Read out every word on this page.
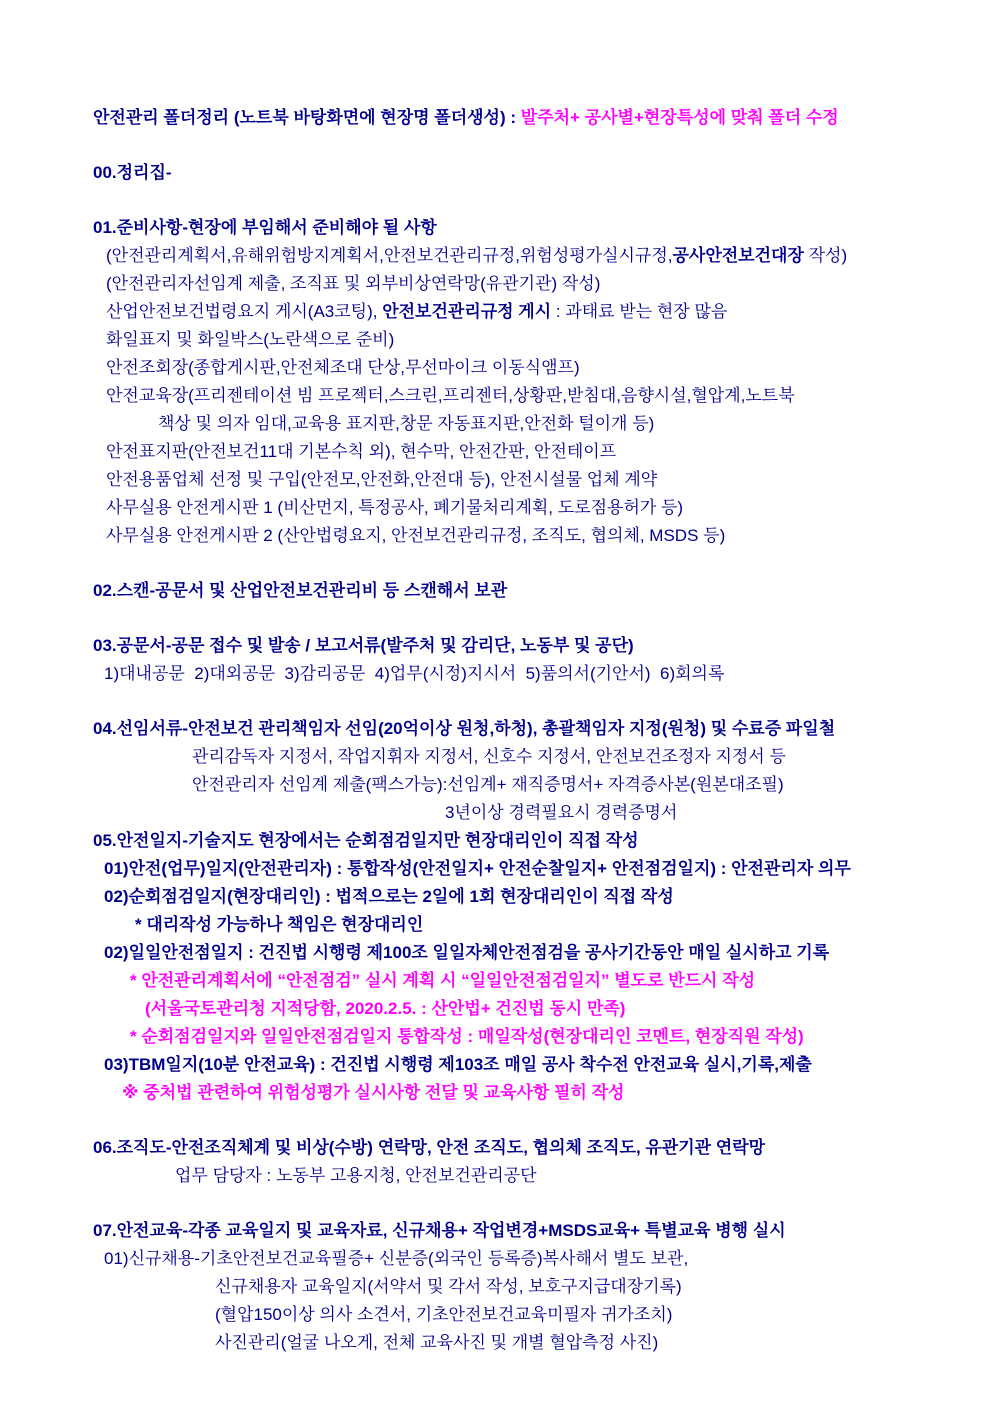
안전관리 폴더정리 (노트북 바탕화면에 현장명 폴더생성) : 발주처+ 공사별+현장특성에 맞춰 폴더 수정
00.정리집-
01.준비사항-현장에 부임해서 준비해야 될 사항
(안전관리계획서,유해위험방지계획서,안전보건관리규정,위험성평가실시규정,공사안전보건대장 작성)
(안전관리자선임계 제출, 조직표 및 외부비상연락망(유관기관) 작성)
산업안전보건법령요지 게시(A3코팅), 안전보건관리규정 게시 : 과태료 받는 현장 많음
화일표지 및 화일박스(노란색으로 준비)
안전조회장(종합게시판,안전체조대 단상,무선마이크 이동식앰프)
안전교육장(프리젠테이션 빔 프로젝터,스크린,프리젠터,상황판,받침대,음향시설,혈압계,노트북
책상 및 의자 임대,교육용 표지판,창문 자동표지판,안전화 털이개 등)
안전표지판(안전보건11대 기본수칙 외), 현수막, 안전간판, 안전테이프
안전용품업체 선정 및 구입(안전모,안전화,안전대 등), 안전시설물 업체 계약
사무실용 안전게시판 1 (비산먼지, 특정공사, 폐기물처리계획, 도로점용허가 등)
사무실용 안전게시판 2 (산안법령요지, 안전보건관리규정, 조직도, 협의체, MSDS 등)
02.스캔-공문서 및 산업안전보건관리비 등 스캔해서 보관
03.공문서-공문 접수 및 발송 / 보고서류(발주처 및 감리단, 노동부 및 공단)
1)대내공문  2)대외공문  3)감리공문  4)업무(시정)지시서  5)품의서(기안서)  6)회의록
04.선임서류-안전보건 관리책임자 선임(20억이상 원청,하청), 총괄책임자 지정(원청) 및 수료증 파일철
관리감독자 지정서, 작업지휘자 지정서, 신호수 지정서, 안전보건조정자 지정서 등
안전관리자 선임계 제출(팩스가능):선임계+ 재직증명서+ 자격증사본(원본대조필)
3년이상 경력필요시 경력증명서
05.안전일지-기술지도 현장에서는 순회점검일지만 현장대리인이 직접 작성
01)안전(업무)일지(안전관리자) : 통합작성(안전일지+ 안전순찰일지+ 안전점검일지) : 안전관리자 의무
02)순회점검일지(현장대리인) : 법적으로는 2일에 1회 현장대리인이 직접 작성
* 대리작성 가능하나 책임은 현장대리인
02)일일안전점일지 : 건진법 시행령 제100조 일일자체안전점검을 공사기간동안 매일 실시하고 기록
* 안전관리계획서에 “안전점검” 실시 계획 시 “일일안전점검일지” 별도로 반드시 작성
(서울국토관리청 지적당함, 2020.2.5. : 산안법+ 건진법 동시 만족)
* 순회점검일지와 일일안전점검일지 통합작성 : 매일작성(현장대리인 코멘트, 현장직원 작성)
03)TBM일지(10분 안전교육) : 건진법 시행령 제103조 매일 공사 착수전 안전교육 실시,기록,제출
※ 중처법 관련하여 위험성평가 실시사항 전달 및 교육사항 필히 작성
06.조직도-안전조직체계 및 비상(수방) 연락망, 안전 조직도, 협의체 조직도, 유관기관 연락망
업무 담당자 : 노동부 고용지청, 안전보건관리공단
07.안전교육-각종 교육일지 및 교육자료, 신규채용+ 작업변경+MSDS교육+ 특별교육 병행 실시
01)신규채용-기초안전보건교육필증+ 신분증(외국인 등록증)복사해서 별도 보관,
신규채용자 교육일지(서약서 및 각서 작성, 보호구지급대장기록)
(혈압150이상 의사 소견서, 기초안전보건교육미필자 귀가조치)
사진관리(얼굴 나오게, 전체 교육사진 및 개별 혈압측정 사진)
